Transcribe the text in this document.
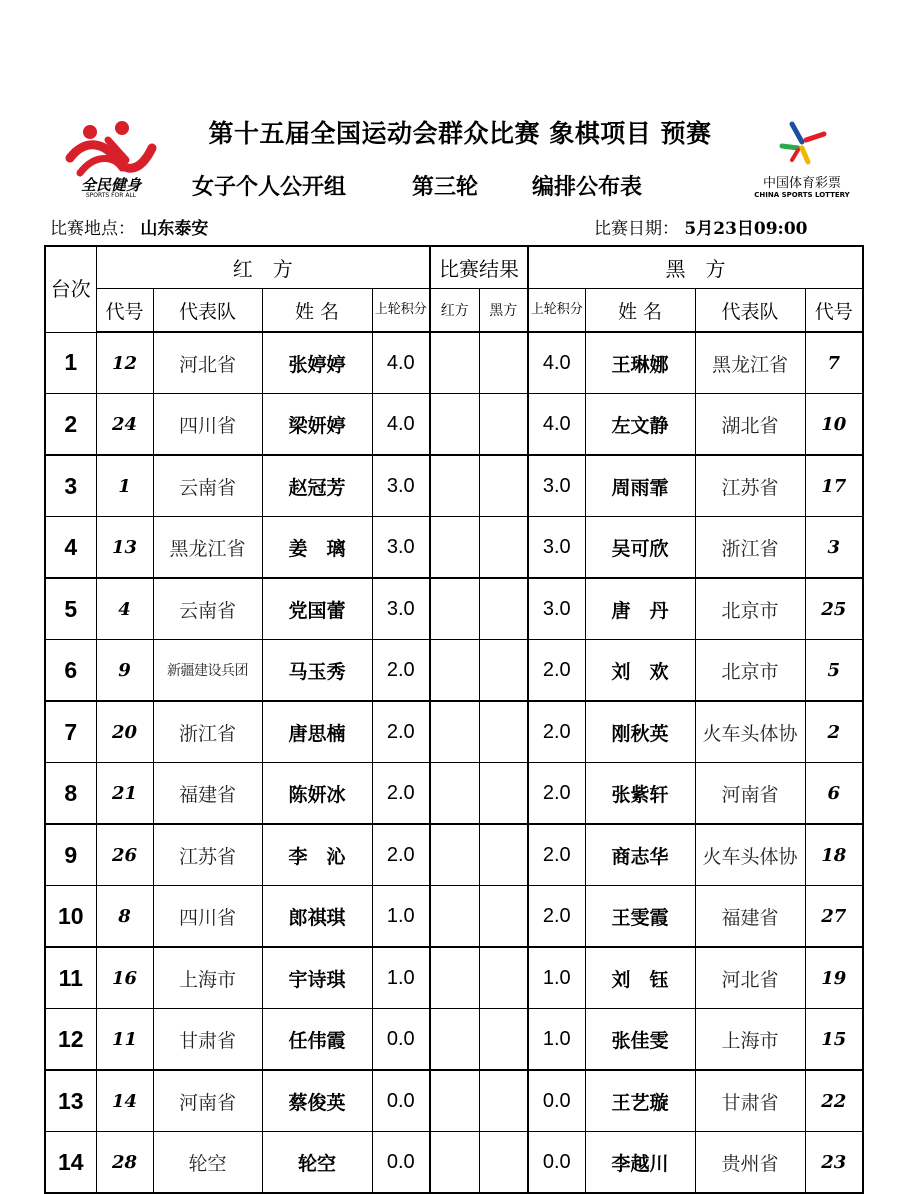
全民健身
SPORTS FOR ALL
中国体育彩票
CHINA SPORTS LOTTERY
第十五届全国运动会群众比赛 象棋项目 预赛
女子个人公开组	第三轮 编排公布表
比赛地点： 山东泰安	比赛日期： 5月23日09:00
台次	红　方				比赛结果		黑　方			
	代号	代表队	姓 名	上轮积分	红方	黑方	上轮积分	姓 名	代表队	代号
1	12	河北省	张婷婷	4.0			4.0	王琳娜	黑龙江省	7
2	24	四川省	梁妍婷	4.0			4.0	左文静	湖北省	10
3	1	云南省	赵冠芳	3.0			3.0	周雨霏	江苏省	17
4	13	黑龙江省	姜　璃	3.0			3.0	吴可欣	浙江省	3
5	4	云南省	党国蕾	3.0			3.0	唐　丹	北京市	25
6	9	新疆建设兵团	马玉秀	2.0			2.0	刘　欢	北京市	5
7	20	浙江省	唐思楠	2.0			2.0	刚秋英	火车头体协	2
8	21	福建省	陈妍冰	2.0			2.0	张紫轩	河南省	6
9	26	江苏省	李　沁	2.0			2.0	商志华	火车头体协	18
10	8	四川省	郎祺琪	1.0			2.0	王雯霞	福建省	27
11	16	上海市	宇诗琪	1.0			1.0	刘　钰	河北省	19
12	11	甘肃省	任伟霞	0.0			1.0	张佳雯	上海市	15
13	14	河南省	蔡俊英	0.0			0.0	王艺璇	甘肃省	22
14	28	轮空	轮空	0.0			0.0	李越川	贵州省	23
